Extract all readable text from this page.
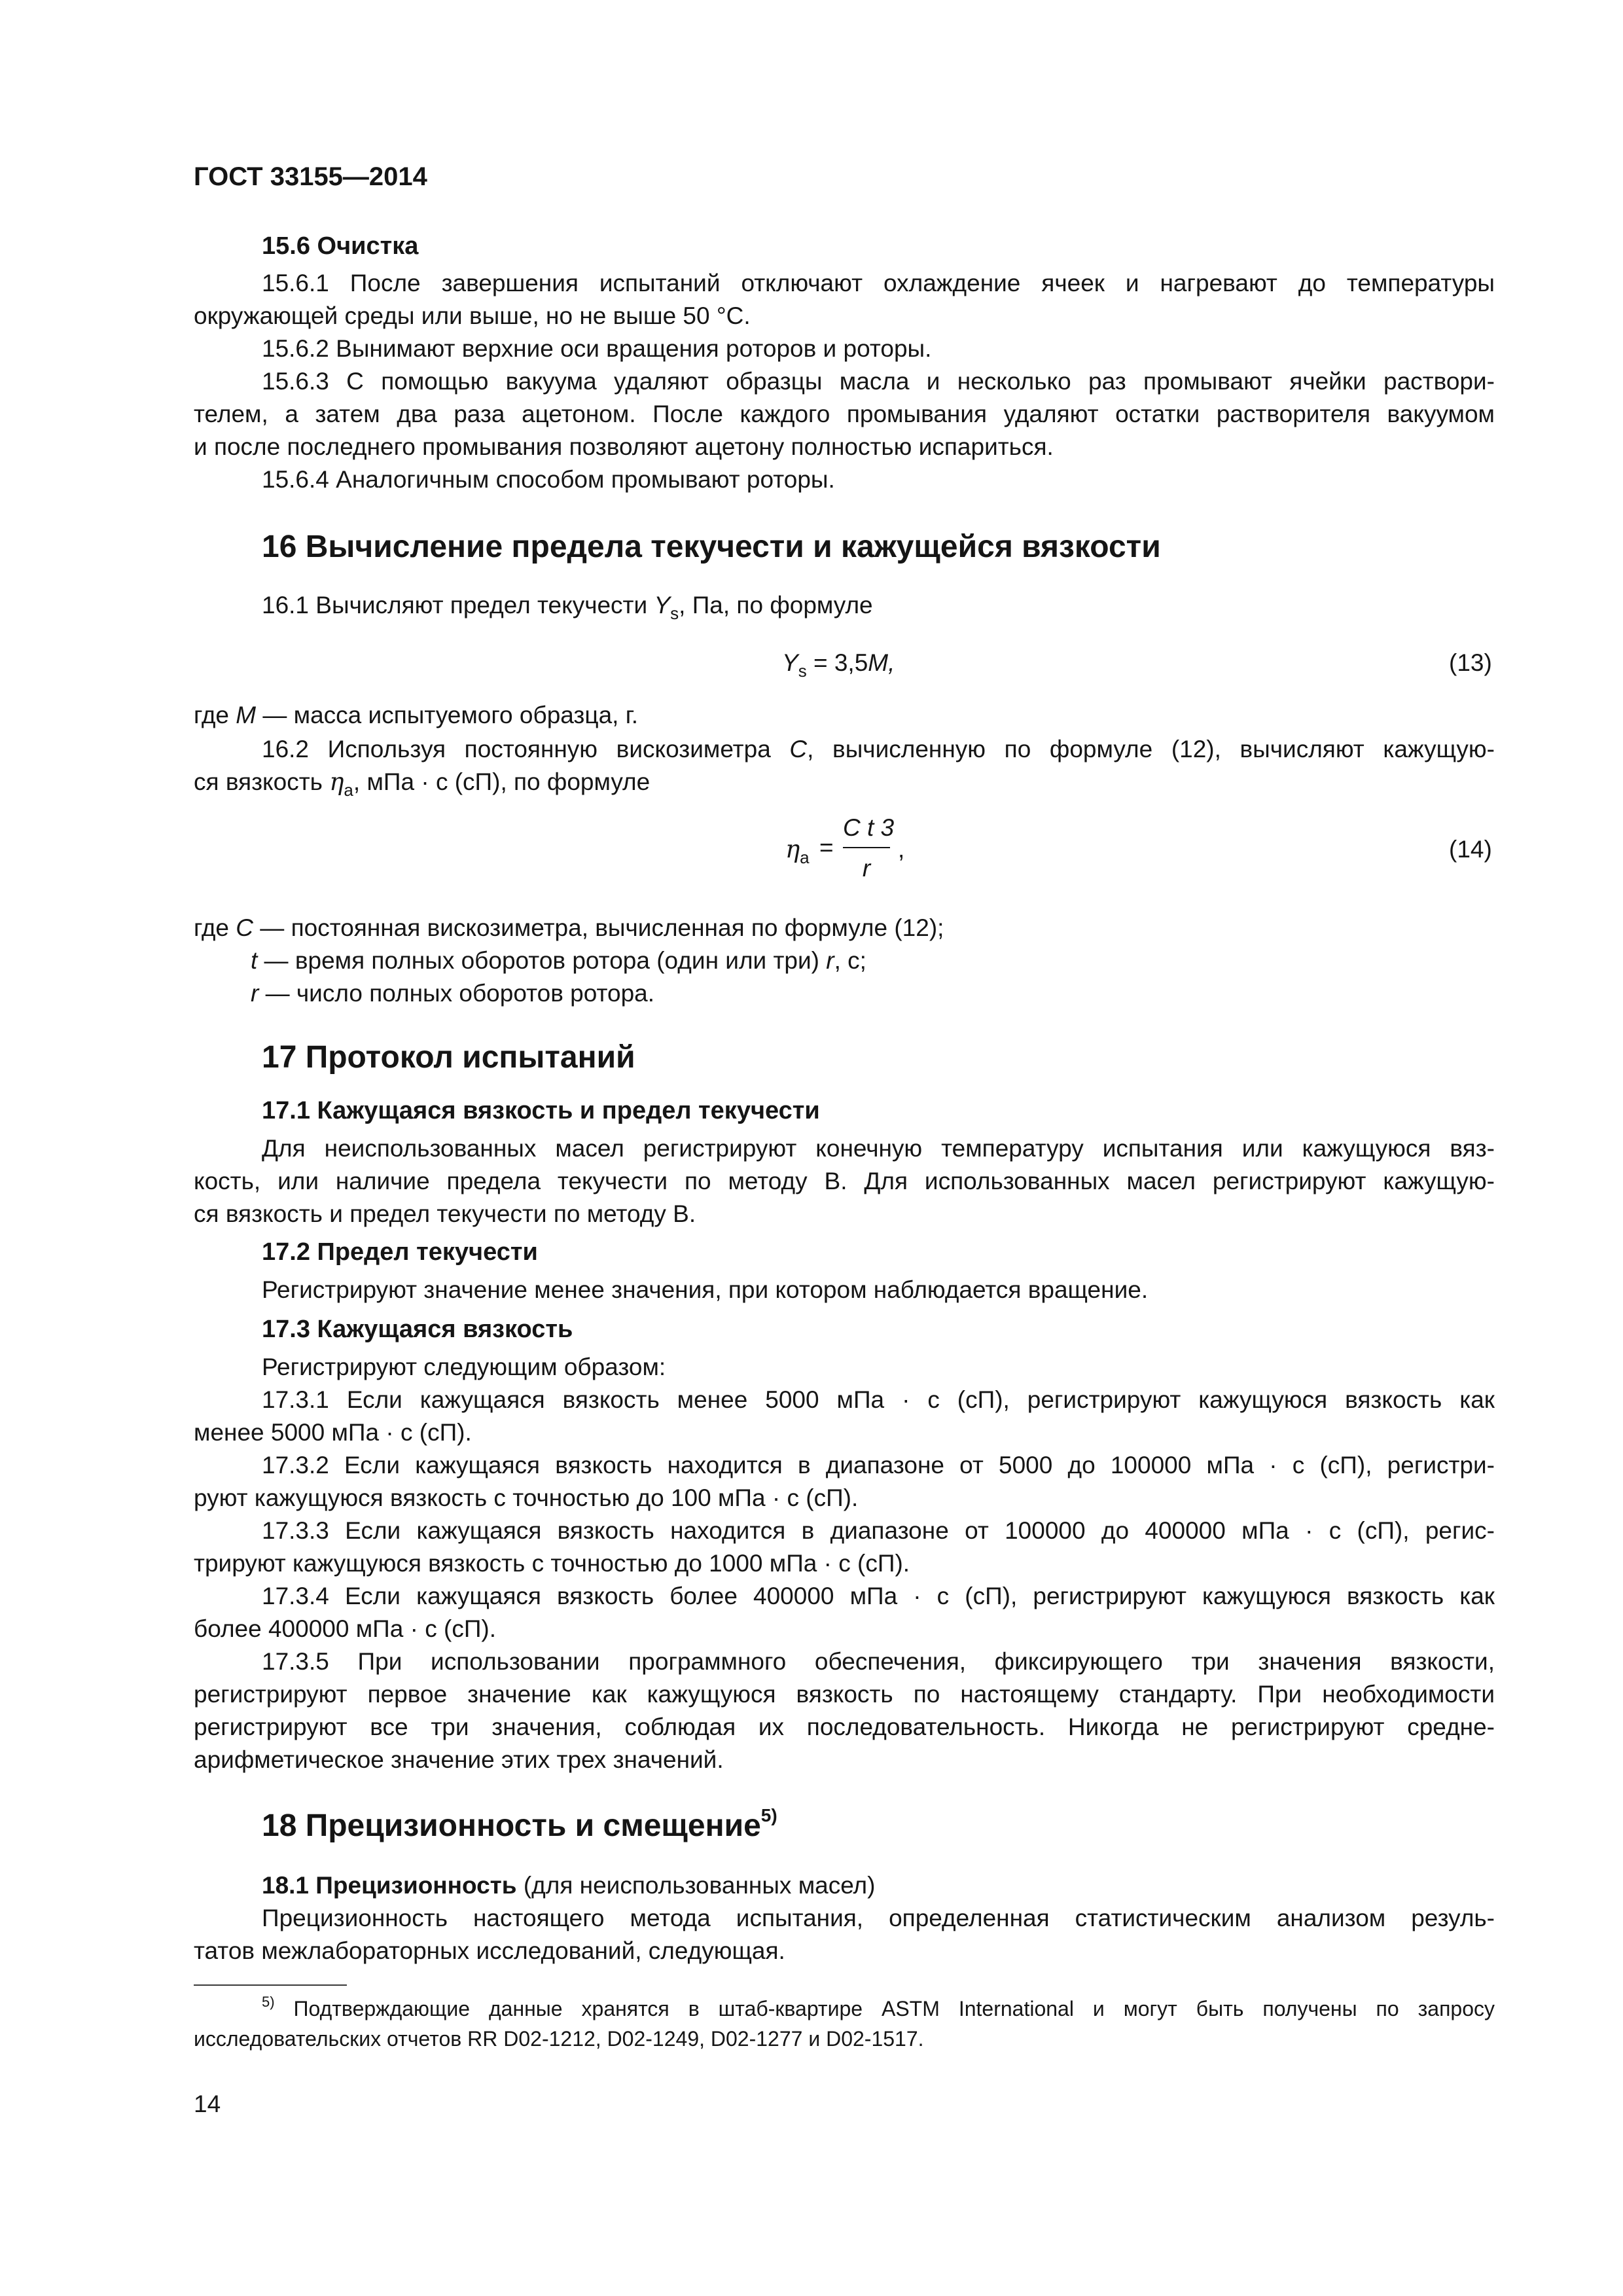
ГОСТ 33155—2014
15.6 Очистка
15.6.1 После завершения испытаний отключают охлаждение ячеек и нагревают до температуры
окружающей среды или выше, но не выше 50 °С.
15.6.2 Вынимают верхние оси вращения роторов и роторы.
15.6.3 С помощью вакуума удаляют образцы масла и несколько раз промывают ячейки раствори-
телем, а затем два раза ацетоном. После каждого промывания удаляют остатки растворителя вакуумом
и после последнего промывания позволяют ацетону полностью испариться.
15.6.4 Аналогичным способом промывают роторы.
16 Вычисление предела текучести и кажущейся вязкости
16.1 Вычисляют предел текучести $Y_s$, Па, по формуле
$Y_s = 3,5M$,	(13)
где M — масса испытуемого образца, г.
16.2 Используя постоянную вискозиметра С, вычисленную по формуле (12), вычисляют кажущую-
ся вязкость $\eta_a$, мПа · с (сП), по формуле
$\eta_a$ =
C t 3
r
,	(14)
где С — постоянная вискозиметра, вычисленная по формуле (12);
t — время полных оборотов ротора (один или три) r, с;
r — число полных оборотов ротора.
17 Протокол испытаний
17.1 Кажущаяся вязкость и предел текучести
Для неиспользованных масел регистрируют конечную температуру испытания или кажущуюся вяз-
кость, или наличие предела текучести по методу В. Для использованных масел регистрируют кажущую-
ся вязкость и предел текучести по методу В.
17.2 Предел текучести
Регистрируют значение менее значения, при котором наблюдается вращение.
17.3 Кажущаяся вязкость
Регистрируют следующим образом:
17.3.1 Если кажущаяся вязкость менее 5000 мПа · с (сП), регистрируют кажущуюся вязкость как
менее 5000 мПа · с (сП).
17.3.2 Если кажущаяся вязкость находится в диапазоне от 5000 до 100000 мПа · с (сП), регистри-
руют кажущуюся вязкость с точностью до 100 мПа · с (сП).
17.3.3 Если кажущаяся вязкость находится в диапазоне от 100000 до 400000 мПа · с (сП), регис-
трируют кажущуюся вязкость с точностью до 1000 мПа · с (сП).
17.3.4 Если кажущаяся вязкость более 400000 мПа · с (сП), регистрируют кажущуюся вязкость как
более 400000 мПа · с (сП).
17.3.5 При использовании программного обеспечения, фиксирующего три значения вязкости,
регистрируют первое значение как кажущуюся вязкость по настоящему стандарту. При необходимости
регистрируют все три значения, соблюдая их последовательность. Никогда не регистрируют средне-
арифметическое значение этих трех значений.
18 Прецизионность и смещение$^{5)}$
18.1 Прецизионность (для неиспользованных масел)
Прецизионность настоящего метода испытания, определенная статистическим анализом резуль-
татов межлабораторных исследований, следующая.
$^{5)}$ Подтверждающие данные хранятся в штаб-квартире ASTM International и могут быть получены по запросу
исследовательских отчетов RR D02-1212, D02-1249, D02-1277 и D02-1517.
14
